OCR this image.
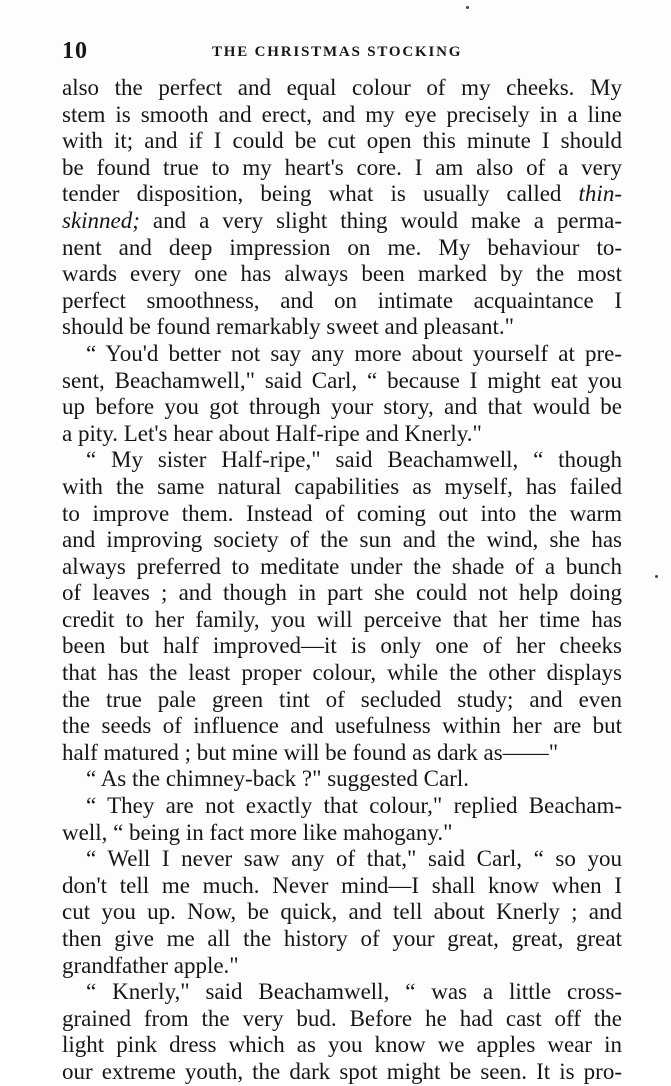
10	THE CHRISTMAS STOCKING
also the perfect and equal colour of my cheeks. My
stem is smooth and erect, and my eye precisely in a line
with it; and if I could be cut open this minute I should
be found true to my heart's core. I am also of a very
tender disposition, being what is usually called thin-
skinned; and a very slight thing would make a perma-
nent and deep impression on me. My behaviour to-
wards every one has always been marked by the most
perfect smoothness, and on intimate acquaintance I
should be found remarkably sweet and pleasant."
“ You'd better not say any more about yourself at pre-
sent, Beachamwell," said Carl, “ because I might eat you
up before you got through your story, and that would be
a pity. Let's hear about Half-ripe and Knerly."
“ My sister Half-ripe," said Beachamwell, “ though
with the same natural capabilities as myself, has failed
to improve them. Instead of coming out into the warm
and improving society of the sun and the wind, she has
always preferred to meditate under the shade of a bunch
of leaves ; and though in part she could not help doing
credit to her family, you will perceive that her time has
been but half improved—it is only one of her cheeks
that has the least proper colour, while the other displays
the true pale green tint of secluded study; and even
the seeds of influence and usefulness within her are but
half matured ; but mine will be found as dark as——"
“ As the chimney-back ?" suggested Carl.
“ They are not exactly that colour," replied Beacham-
well, “ being in fact more like mahogany."
“ Well I never saw any of that," said Carl, “ so you
don't tell me much. Never mind—I shall know when I
cut you up. Now, be quick, and tell about Knerly ; and
then give me all the history of your great, great, great
grandfather apple."
“ Knerly," said Beachamwell, “ was a little cross-
grained from the very bud. Before he had cast off the
light pink dress which as you know we apples wear in
our extreme youth, the dark spot might be seen. It is pro-
